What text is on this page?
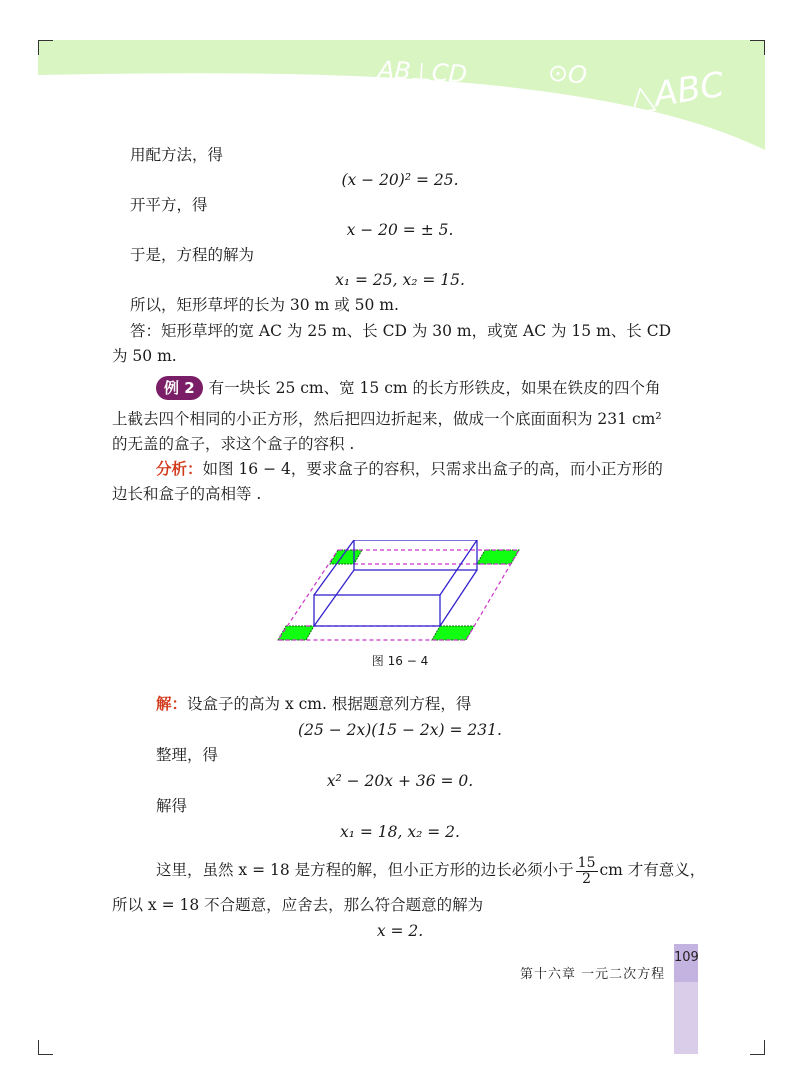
AB⊥CD	⊙O △ABC
用配方法，得
(x − 20)² = 25.
开平方，得
x − 20 = ± 5.
于是，方程的解为
x₁ = 25, x₂ = 15.
所以，矩形草坪的长为 30 m 或 50 m.
答：矩形草坪的宽 AC 为 25 m、长 CD 为 30 m，或宽 AC 为 15 m、长 CD
为 50 m.
例 2 有一块长 25 cm、宽 15 cm 的长方形铁皮，如果在铁皮的四个角
上截去四个相同的小正方形，然后把四边折起来，做成一个底面面积为 231 cm²
的无盖的盒子，求这个盒子的容积 .
分析：如图 16 − 4，要求盒子的容积，只需求出盒子的高，而小正方形的
边长和盒子的高相等 .
图 16 − 4
解：设盒子的高为 x cm. 根据题意列方程，得
(25 − 2x)(15 − 2x) = 231.
整理，得
x² − 20x + 36 = 0.
解得
x₁ = 18, x₂ = 2.
这里，虽然 x = 18 是方程的解，但小正方形的边长必须小于 $\frac{15}{2}$ cm 才有意义，
所以 x = 18 不合题意，应舍去，那么符合题意的解为
x = 2.
第十六章 一元二次方程
109
